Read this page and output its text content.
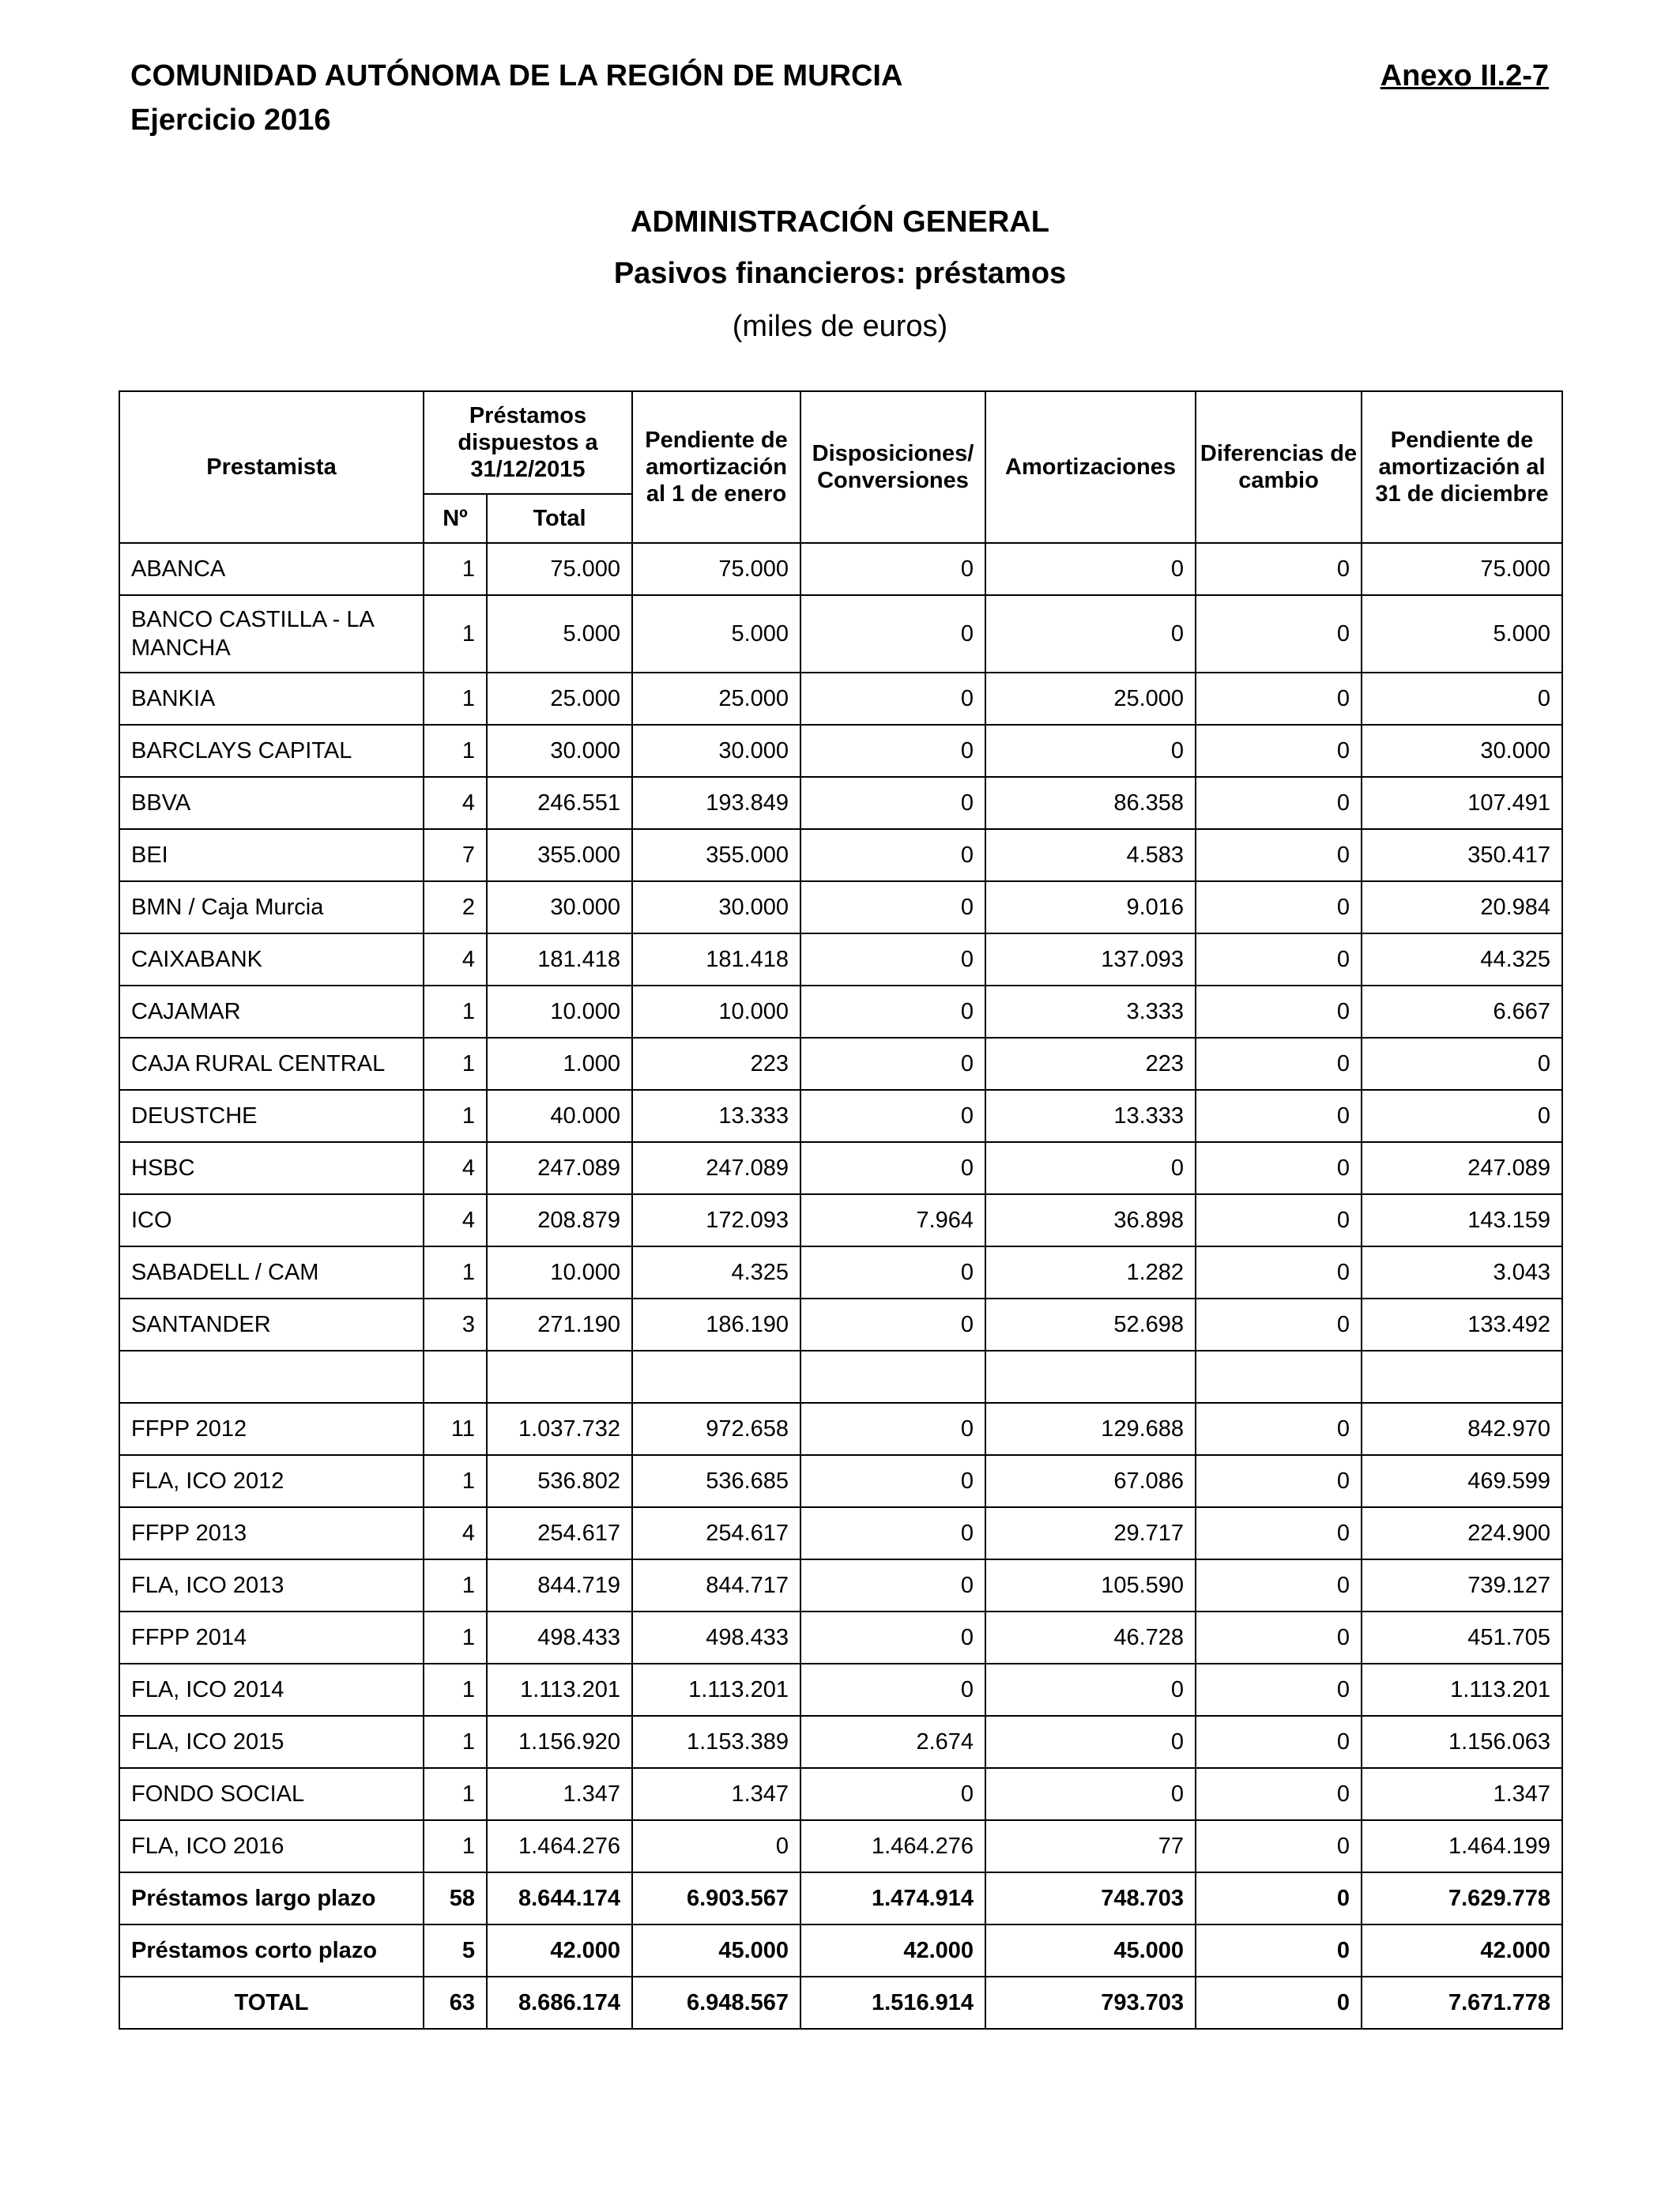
COMUNIDAD AUTÓNOMA DE LA REGIÓN DE MURCIA
Ejercicio 2016
Anexo II.2-7
ADMINISTRACIÓN GENERAL
Pasivos financieros: préstamos
(miles de euros)
Prestamista	Préstamos dispuestos a 31/12/2015		Pendiente de amortización al 1 de enero	Disposiciones/ Conversiones	Amortizaciones	Diferencias de cambio	Pendiente de amortización al 31 de diciembre
	Nº	Total					
ABANCA	1	75.000	75.000	0	0	0	75.000
BANCO CASTILLA - LA MANCHA	1	5.000	5.000	0	0	0	5.000
BANKIA	1	25.000	25.000	0	25.000	0	0
BARCLAYS CAPITAL	1	30.000	30.000	0	0	0	30.000
BBVA	4	246.551	193.849	0	86.358	0	107.491
BEI	7	355.000	355.000	0	4.583	0	350.417
BMN / Caja Murcia	2	30.000	30.000	0	9.016	0	20.984
CAIXABANK	4	181.418	181.418	0	137.093	0	44.325
CAJAMAR	1	10.000	10.000	0	3.333	0	6.667
CAJA RURAL CENTRAL	1	1.000	223	0	223	0	0
DEUSTCHE	1	40.000	13.333	0	13.333	0	0
HSBC	4	247.089	247.089	0	0	0	247.089
ICO	4	208.879	172.093	7.964	36.898	0	143.159
SABADELL / CAM	1	10.000	4.325	0	1.282	0	3.043
SANTANDER	3	271.190	186.190	0	52.698	0	133.492

FFPP 2012	11	1.037.732	972.658	0	129.688	0	842.970
FLA, ICO 2012	1	536.802	536.685	0	67.086	0	469.599
FFPP 2013	4	254.617	254.617	0	29.717	0	224.900
FLA, ICO 2013	1	844.719	844.717	0	105.590	0	739.127
FFPP 2014	1	498.433	498.433	0	46.728	0	451.705
FLA, ICO 2014	1	1.113.201	1.113.201	0	0	0	1.113.201
FLA, ICO 2015	1	1.156.920	1.153.389	2.674	0	0	1.156.063
FONDO SOCIAL	1	1.347	1.347	0	0	0	1.347
FLA, ICO 2016	1	1.464.276	0	1.464.276	77	0	1.464.199
Préstamos largo plazo	58	8.644.174	6.903.567	1.474.914	748.703	0	7.629.778
Préstamos corto plazo	5	42.000	45.000	42.000	45.000	0	42.000
TOTAL	63	8.686.174	6.948.567	1.516.914	793.703	0	7.671.778
